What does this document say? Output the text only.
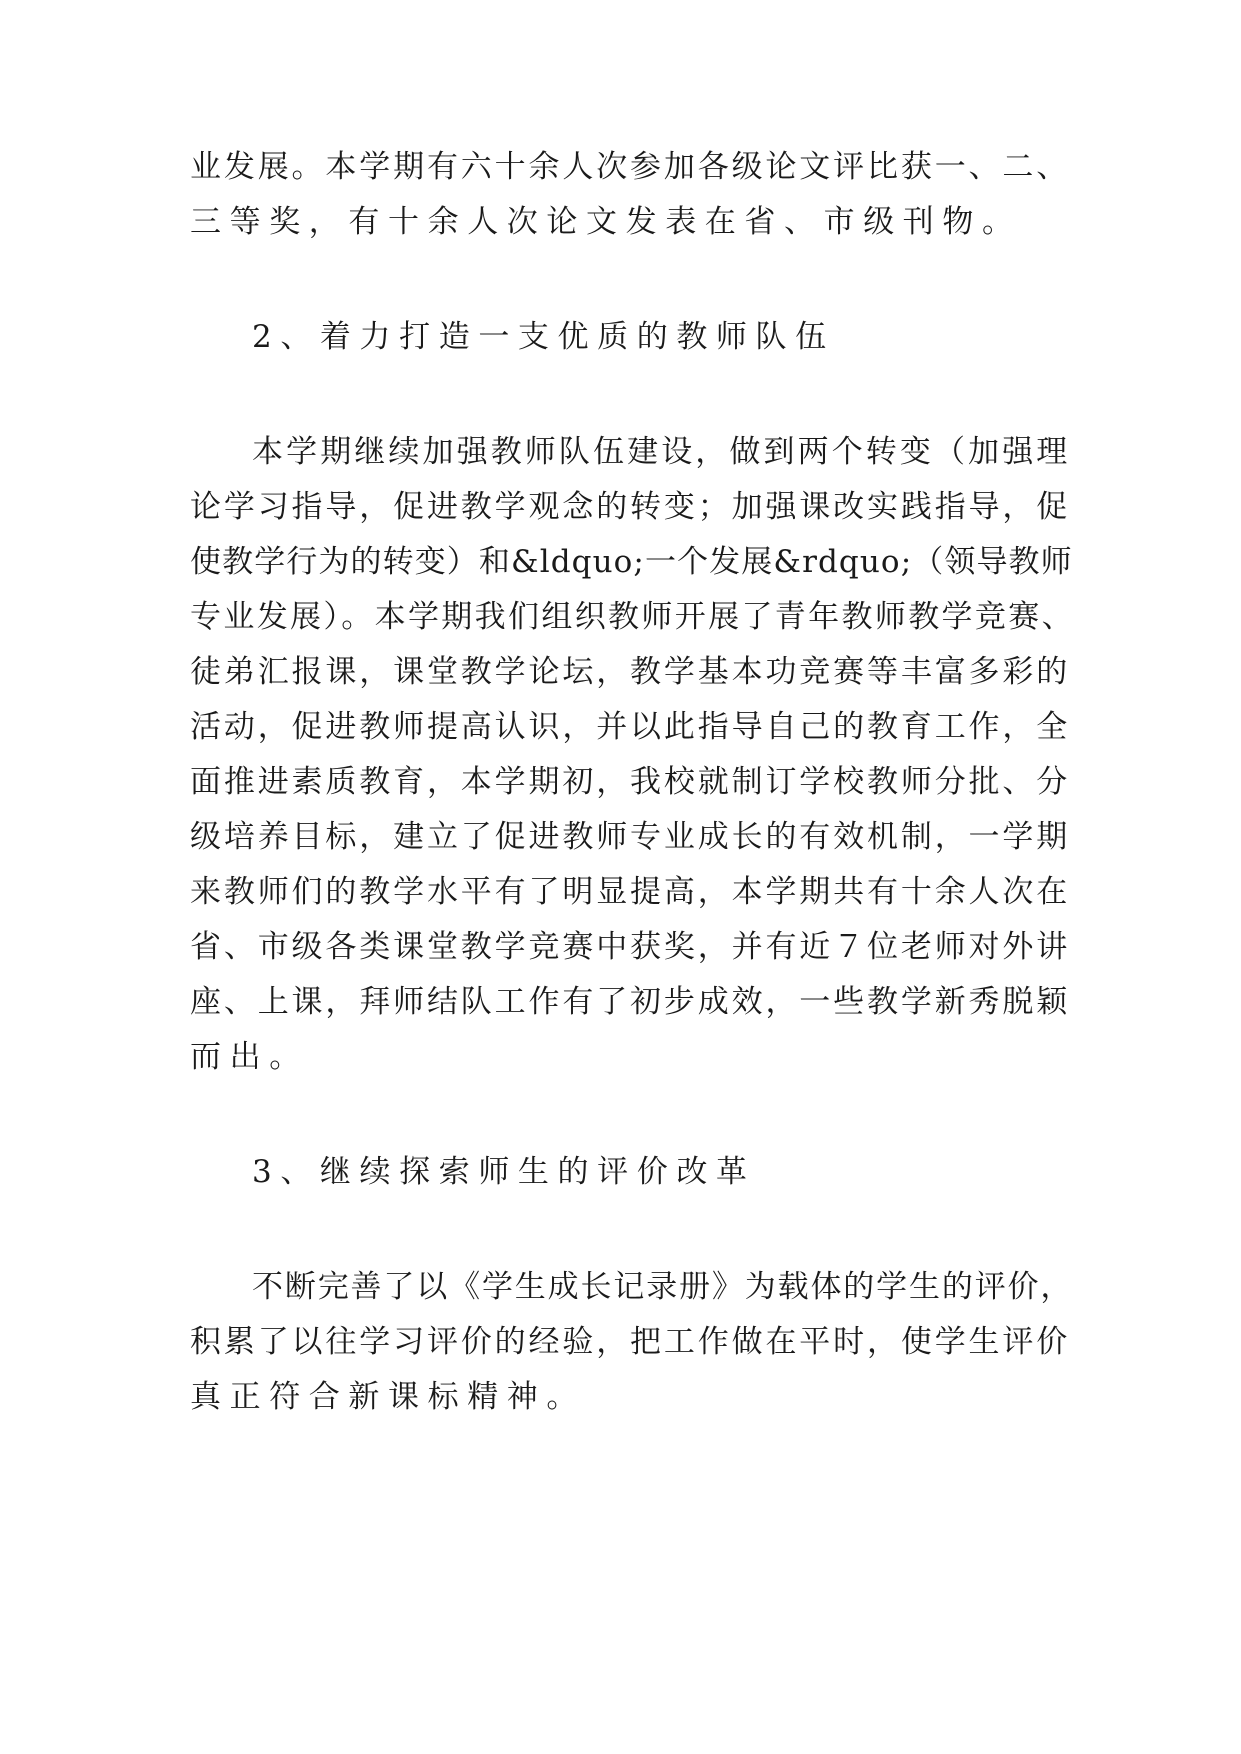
业发展。本学期有六十余人次参加各级论文评比获一、二、
三等奖，有十余人次论文发表在省、市级刊物。
2、着力打造一支优质的教师队伍
本学期继续加强教师队伍建设，做到两个转变（加强理
论学习指导，促进教学观念的转变；加强课改实践指导，促
使教学行为的转变）和&ldquo;一个发展&rdquo;（领导教师
专业发展）。本学期我们组织教师开展了青年教师教学竞赛、
徒弟汇报课，课堂教学论坛，教学基本功竞赛等丰富多彩的
活动，促进教师提高认识，并以此指导自己的教育工作，全
面推进素质教育，本学期初，我校就制订学校教师分批、分
级培养目标，建立了促进教师专业成长的有效机制，一学期
来教师们的教学水平有了明显提高，本学期共有十余人次在
省、市级各类课堂教学竞赛中获奖，并有近７位老师对外讲
座、上课，拜师结队工作有了初步成效，一些教学新秀脱颖
而出。
3、继续探索师生的评价改革
不断完善了以《学生成长记录册》为载体的学生的评价，
积累了以往学习评价的经验，把工作做在平时，使学生评价
真正符合新课标精神。
